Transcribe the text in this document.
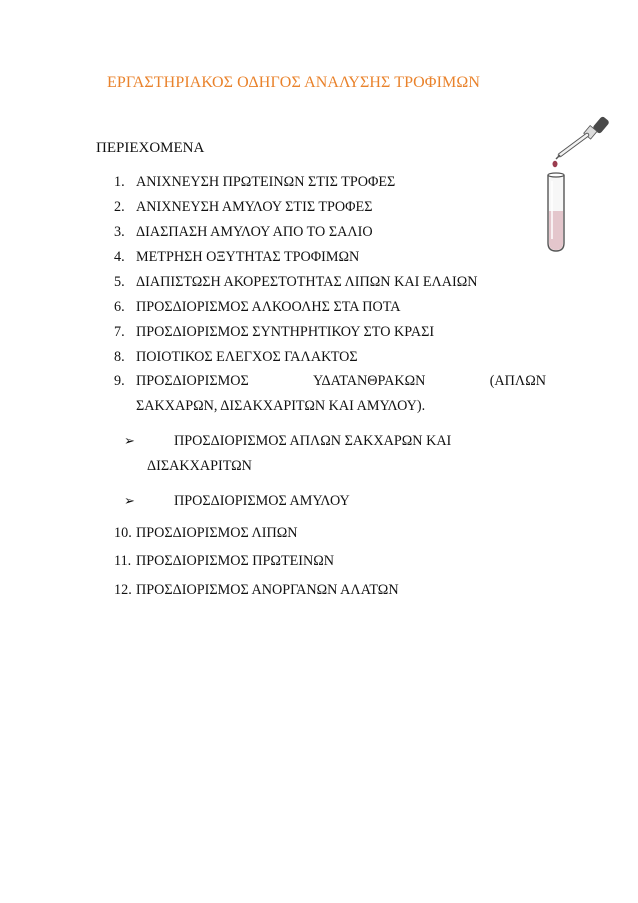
ΕΡΓΑΣΤΗΡΙΑΚΟΣ ΟΔΗΓΟΣ ΑΝΑΛΥΣΗΣ ΤΡΟΦΙΜΩΝ
ΠΕΡΙΕΧΟΜΕΝΑ
1. ΑΝΙΧΝΕΥΣΗ ΠΡΩΤΕΙΝΩΝ ΣΤΙΣ ΤΡΟΦΕΣ
2. ΑΝΙΧΝΕΥΣΗ ΑΜΥΛΟΥ ΣΤΙΣ ΤΡΟΦΕΣ
3. ΔΙΑΣΠΑΣΗ ΑΜΥΛΟΥ ΑΠΟ ΤΟ ΣΑΛΙΟ
4. ΜΕΤΡΗΣΗ ΟΞΥΤΗΤΑΣ ΤΡΟΦΙΜΩΝ
5. ΔΙΑΠΙΣΤΩΣΗ ΑΚΟΡΕΣΤΟΤΗΤΑΣ ΛΙΠΩΝ ΚΑΙ ΕΛΑΙΩΝ
6. ΠΡΟΣΔΙΟΡΙΣΜΟΣ ΑΛΚΟΟΛΗΣ ΣΤΑ ΠΟΤΑ
7. ΠΡΟΣΔΙΟΡΙΣΜΟΣ ΣΥΝΤΗΡΗΤΙΚΟΥ ΣΤΟ ΚΡΑΣΙ
8. ΠΟΙΟΤΙΚΟΣ ΕΛΕΓΧΟΣ ΓΑΛΑΚΤΟΣ
9. ΠΡΟΣΔΙΟΡΙΣΜΟΣ	ΥΔΑΤΑΝΘΡΑΚΩΝ	(ΑΠΛΩΝ
ΣΑΚΧΑΡΩΝ, ΔΙΣΑΚΧΑΡΙΤΩΝ ΚΑΙ ΑΜΥΛΟΥ).
➢	ΠΡΟΣΔΙΟΡΙΣΜΟΣ ΑΠΛΩΝ ΣΑΚΧΑΡΩΝ ΚΑΙ
ΔΙΣΑΚΧΑΡΙΤΩΝ
➢	ΠΡΟΣΔΙΟΡΙΣΜΟΣ ΑΜΥΛΟΥ
10. ΠΡΟΣΔΙΟΡΙΣΜΟΣ ΛΙΠΩΝ
11. ΠΡΟΣΔΙΟΡΙΣΜΟΣ ΠΡΩΤΕΙΝΩΝ
12. ΠΡΟΣΔΙΟΡΙΣΜΟΣ ΑΝΟΡΓΑΝΩΝ ΑΛΑΤΩΝ
